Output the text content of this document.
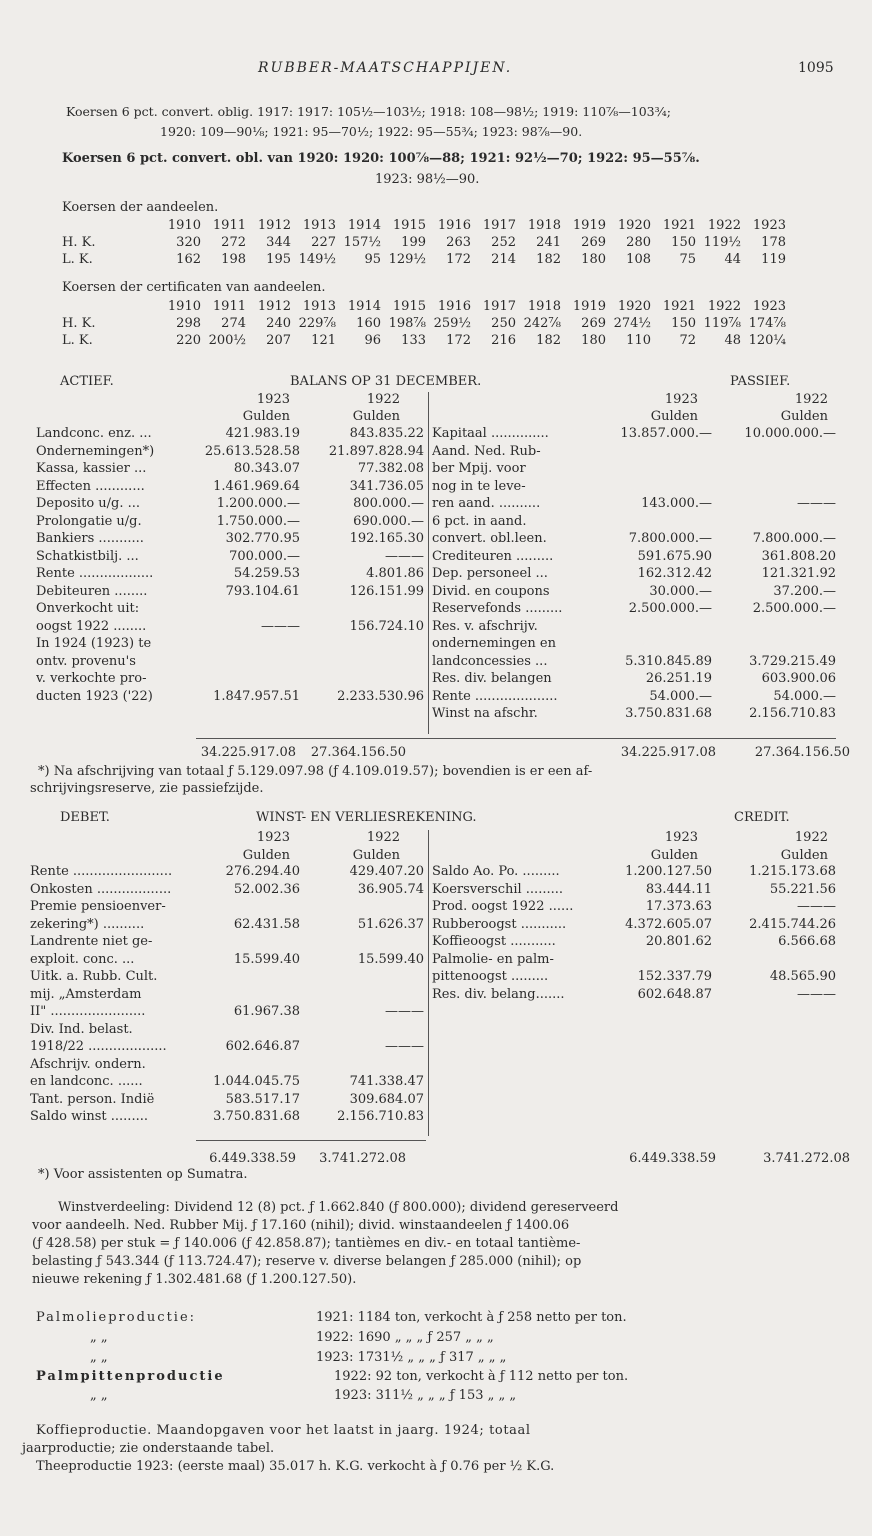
RUBBER-MAATSCHAPPIJEN.	1095
Koersen 6 pct. convert. oblig. 1917: 1917: 105½—103½; 1918: 108—98½; 1919: 110⅞—103¾;
1920: 109—90⅛; 1921: 95—70½; 1922: 95—55¾; 1923: 98⅞—90.
Koersen 6 pct. convert. obl. van 1920: 1920: 100⅞—88; 1921: 92½—70; 1922: 95—55⅞.
1923: 98½—90.
Koersen der aandeelen.
	1910	1911	1912	1913	1914	1915	1916	1917	1918	1919	1920	1921	1922	1923
H. K.	320	272	344	227	157½	199	263	252	241	269	280	150	119½	178
L. K.	162	198	195	149½	95	129½	172	214	182	180	108	75	44	119
Koersen der certificaten van aandeelen.
	1910	1911	1912	1913	1914	1915	1916	1917	1918	1919	1920	1921	1922	1923
H. K.	298	274	240	229⅞	160	198⅞	259½	250	242⅞	269	274½	150	119⅞	174⅞
L. K.	220	200½	207	121	96	133	172	216	182	180	110	72	48	120¼
ACTIEF.	BALANS OP 31 DECEMBER.	PASSIEF.
1923	1922
Gulden	Gulden
1923	1922
Gulden	Gulden
Landconc. enz. ...	421.983.19	843.835.22
Ondernemingen*)	25.613.528.58	21.897.828.94
Kassa, kassier ...	80.343.07	77.382.08
Effecten ............	1.461.969.64	341.736.05
Deposito u/g. ...	1.200.000.—	800.000.—
Prolongatie u/g.	1.750.000.—	690.000.—
Bankiers ...........	302.770.95	192.165.30
Schatkistbilj. ...	700.000.—	———
Rente ..................	54.259.53	4.801.86
Debiteuren ........	793.104.61	126.151.99
Onverkocht uit:
oogst 1922 ........	———	156.724.10
In 1924 (1923) te
ontv. provenu's
v. verkochte pro-
ducten 1923 ('22)	1.847.957.51	2.233.530.96
Kapitaal ..............	13.857.000.—	10.000.000.—
Aand. Ned. Rub-
ber Mpij. voor
nog in te leve-
ren aand. ..........	143.000.—	———
6 pct. in aand.
convert. obl.leen.	7.800.000.—	7.800.000.—
Crediteuren .........	591.675.90	361.808.20
Dep. personeel ...	162.312.42	121.321.92
Divid. en coupons	30.000.—	37.200.—
Reservefonds .........	2.500.000.—	2.500.000.—
Res. v. afschrijv.
ondernemingen en
landconcessies ...	5.310.845.89	3.729.215.49
Res. div. belangen	26.251.19	603.900.06
Rente ....................	54.000.—	54.000.—
Winst na afschr.	3.750.831.68	2.156.710.83
34.225.917.08	27.364.156.50	34.225.917.08	27.364.156.50
*) Na afschrijving van totaal ƒ 5.129.097.98 (ƒ 4.109.019.57); bovendien is er een af-
schrijvingsreserve, zie passiefzijde.
DEBET.	WINST- EN VERLIESREKENING.	CREDIT.
1923	1922
Gulden	Gulden
1923	1922
Gulden	Gulden
Rente ........................	276.294.40	429.407.20
Onkosten ..................	52.002.36	36.905.74
Premie pensioenver-
zekering*) ..........	62.431.58	51.626.37
Landrente niet ge-
exploit. conc. ...	15.599.40	15.599.40
Uitk. a. Rubb. Cult.
mij. „Amsterdam
II" .......................	61.967.38	———
Div. Ind. belast.
1918/22 ...................	602.646.87	———
Afschrijv. ondern.
en landconc. ......	1.044.045.75	741.338.47
Tant. person. Indië	583.517.17	309.684.07
Saldo winst .........	3.750.831.68	2.156.710.83
Saldo Ao. Po. .........	1.200.127.50	1.215.173.68
Koersverschil .........	83.444.11	55.221.56
Prod. oogst 1922 ......	17.373.63	———
Rubberoogst ...........	4.372.605.07	2.415.744.26
Koffieoogst ...........	20.801.62	6.566.68
Palmolie- en palm-
pittenoogst .........	152.337.79	48.565.90
Res. div. belang.......	602.648.87	———
6.449.338.59	3.741.272.08	6.449.338.59	3.741.272.08
*) Voor assistenten op Sumatra.
Winstverdeeling: Dividend 12 (8) pct. ƒ 1.662.840 (ƒ 800.000); dividend gereserveerd
voor aandeelh. Ned. Rubber Mij. ƒ 17.160 (nihil); divid. winstaandeelen ƒ 1400.06
(ƒ 428.58) per stuk = ƒ 140.006 (ƒ 42.858.87); tantièmes en div.- en totaal tantième-
belasting ƒ 543.344 (ƒ 113.724.47); reserve v. diverse belangen ƒ 285.000 (nihil); op
nieuwe rekening ƒ 1.302.481.68 (ƒ 1.200.127.50).
Palmolieproductie:	1921: 1184 ton, verkocht à ƒ 258 netto per ton.
„ „	1922: 1690 „ „ „ ƒ 257 „ „ „
„ „	1923: 1731½ „ „ „ ƒ 317 „ „ „
Palmpittenproductie	1922: 92 ton, verkocht à ƒ 112 netto per ton.
„ „	1923: 311½ „ „ „ ƒ 153 „ „ „
Koffieproductie. Maandopgaven voor het laatst in jaarg. 1924; totaal
jaarproductie; zie onderstaande tabel.
Theeproductie 1923: (eerste maal) 35.017 h. K.G. verkocht à ƒ 0.76 per ½ K.G.
